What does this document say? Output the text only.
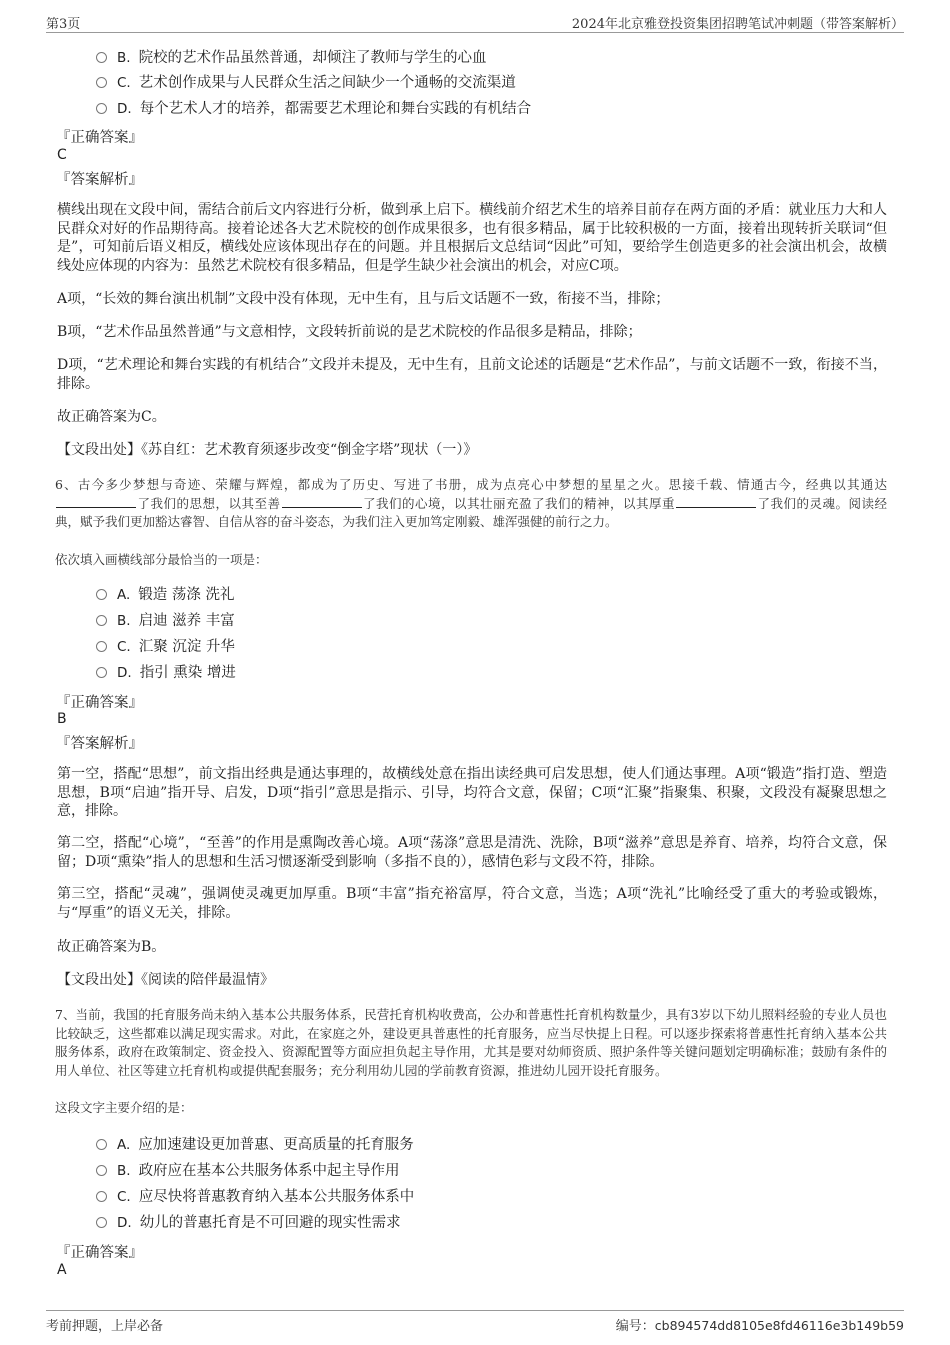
第3页	2024年北京雅登投资集团招聘笔试冲刺题（带答案解析）
B. 院校的艺术作品虽然普通，却倾注了教师与学生的心血
C. 艺术创作成果与人民群众生活之间缺少一个通畅的交流渠道
D. 每个艺术人才的培养，都需要艺术理论和舞台实践的有机结合
『正确答案』
C
『答案解析』
横线出现在文段中间，需结合前后文内容进行分析，做到承上启下。横线前介绍艺术生的培养目前存在两方面的矛盾：就业压力大和人民群众对好的作品期待高。接着论述各大艺术院校的创作成果很多，也有很多精品，属于比较积极的一方面，接着出现转折关联词“但是”，可知前后语义相反，横线处应该体现出存在的问题。并且根据后文总结词“因此”可知，要给学生创造更多的社会演出机会，故横线处应体现的内容为：虽然艺术院校有很多精品，但是学生缺少社会演出的机会，对应C项。
A项，“长效的舞台演出机制”文段中没有体现，无中生有，且与后文话题不一致，衔接不当，排除；
B项，“艺术作品虽然普通”与文意相悖，文段转折前说的是艺术院校的作品很多是精品，排除；
D项，“艺术理论和舞台实践的有机结合”文段并未提及，无中生有，且前文论述的话题是“艺术作品”，与前文话题不一致，衔接不当，排除。
故正确答案为C。
【文段出处】《苏自红：艺术教育须逐步改变“倒金字塔”现状（一）》
6、古今多少梦想与奇迹、荣耀与辉煌，都成为了历史、写进了书册，成为点亮心中梦想的星星之火。思接千载、情通古今，经典以其通达了我们的思想，以其至善	了我们的心境，以其壮丽充盈了我们的精神，以其厚重	了我们的灵魂。阅读经典，赋予我们更加豁达睿智、自信从容的奋斗姿态，为我们注入更加笃定刚毅、雄浑强健的前行之力。
依次填入画横线部分最恰当的一项是：
A. 锻造 荡涤 洗礼
B. 启迪 滋养 丰富
C. 汇聚 沉淀 升华
D. 指引 熏染 增进
『正确答案』
B
『答案解析』
第一空，搭配“思想”，前文指出经典是通达事理的，故横线处意在指出读经典可启发思想，使人们通达事理。A项“锻造”指打造、塑造思想，B项“启迪”指开导、启发，D项“指引”意思是指示、引导，均符合文意，保留；C项“汇聚”指聚集、积聚，文段没有凝聚思想之意，排除。
第二空，搭配“心境”，“至善”的作用是熏陶改善心境。A项“荡涤”意思是清洗、洗除，B项“滋养”意思是养育、培养，均符合文意，保留；D项“熏染”指人的思想和生活习惯逐渐受到影响（多指不良的），感情色彩与文段不符，排除。
第三空，搭配“灵魂”，强调使灵魂更加厚重。B项“丰富”指充裕富厚，符合文意，当选；A项“洗礼”比喻经受了重大的考验或锻炼，与“厚重”的语义无关，排除。
故正确答案为B。
【文段出处】《阅读的陪伴最温情》
7、当前，我国的托育服务尚未纳入基本公共服务体系，民营托育机构收费高，公办和普惠性托育机构数量少，具有3岁以下幼儿照料经验的专业人员也比较缺乏，这些都难以满足现实需求。对此，在家庭之外，建设更具普惠性的托育服务，应当尽快提上日程。可以逐步探索将普惠性托育纳入基本公共服务体系，政府在政策制定、资金投入、资源配置等方面应担负起主导作用，尤其是要对幼师资质、照护条件等关键问题划定明确标准；鼓励有条件的用人单位、社区等建立托育机构或提供配套服务；充分利用幼儿园的学前教育资源，推进幼儿园开设托育服务。
这段文字主要介绍的是：
A. 应加速建设更加普惠、更高质量的托育服务
B. 政府应在基本公共服务体系中起主导作用
C. 应尽快将普惠教育纳入基本公共服务体系中
D. 幼儿的普惠托育是不可回避的现实性需求
『正确答案』
A
考前押题，上岸必备	编号：cb894574dd8105e8fd46116e3b149b59
